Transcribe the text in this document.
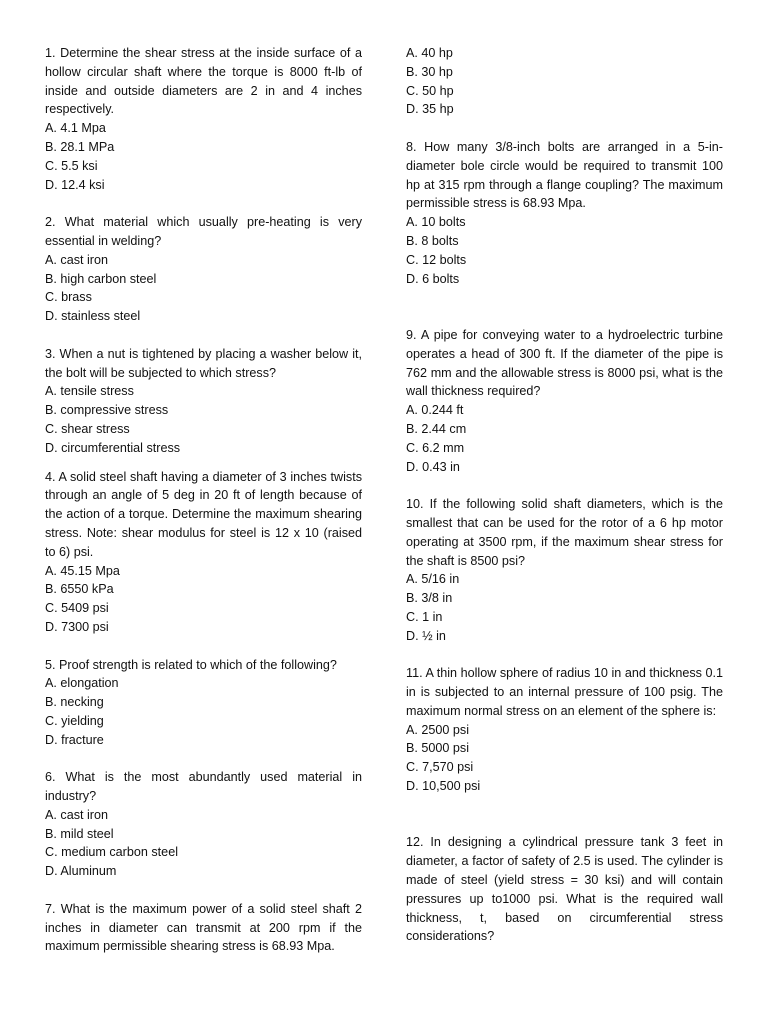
1. Determine the shear stress at the inside surface of a hollow circular shaft where the torque is 8000 ft-lb of inside and outside diameters are 2 in and 4 inches respectively.
A. 4.1 Mpa
B. 28.1 MPa
C. 5.5 ksi
D. 12.4 ksi
2. What material which usually pre-heating is very essential in welding?
A. cast iron
B. high carbon steel
C. brass
D. stainless steel
3. When a nut is tightened by placing a washer below it, the bolt will be subjected to which stress?
A. tensile stress
B. compressive stress
C. shear stress
D. circumferential stress
4. A solid steel shaft having a diameter of 3 inches twists through an angle of 5 deg in 20 ft of length because of the action of a torque. Determine the maximum shearing stress. Note: shear modulus for steel is 12 x 10 (raised to 6) psi.
A. 45.15 Mpa
B. 6550 kPa
C. 5409 psi
D. 7300 psi
5. Proof strength is related to which of the following?
A. elongation
B. necking
C. yielding
D. fracture
6. What is the most abundantly used material in industry?
A. cast iron
B. mild steel
C. medium carbon steel
D. Aluminum
7. What is the maximum power of a solid steel shaft 2 inches in diameter can transmit at 200 rpm if the maximum permissible shearing stress is 68.93 Mpa.
A. 40 hp
B. 30 hp
C. 50 hp
D. 35 hp
8. How many 3/8-inch bolts are arranged in a 5-in-diameter bole circle would be required to transmit 100 hp at 315 rpm through a flange coupling? The maximum permissible stress is 68.93 Mpa.
A. 10 bolts
B. 8 bolts
C. 12 bolts
D. 6 bolts
9. A pipe for conveying water to a hydroelectric turbine operates a head of 300 ft. If the diameter of the pipe is 762 mm and the allowable stress is 8000 psi, what is the wall thickness required?
A. 0.244 ft
B. 2.44 cm
C. 6.2 mm
D. 0.43 in
10. If the following solid shaft diameters, which is the smallest that can be used for the rotor of a 6 hp motor operating at 3500 rpm, if the maximum shear stress for the shaft is 8500 psi?
A. 5/16 in
B. 3/8 in
C. 1 in
D. ½ in
11. A thin hollow sphere of radius 10 in and thickness 0.1 in is subjected to an internal pressure of 100 psig. The maximum normal stress on an element of the sphere is:
A. 2500 psi
B. 5000 psi
C. 7,570 psi
D. 10,500 psi
12. In designing a cylindrical pressure tank 3 feet in diameter, a factor of safety of 2.5 is used. The cylinder is made of steel (yield stress = 30 ksi) and will contain pressures up to1000 psi. What is the required wall thickness, t, based on circumferential stress considerations?
